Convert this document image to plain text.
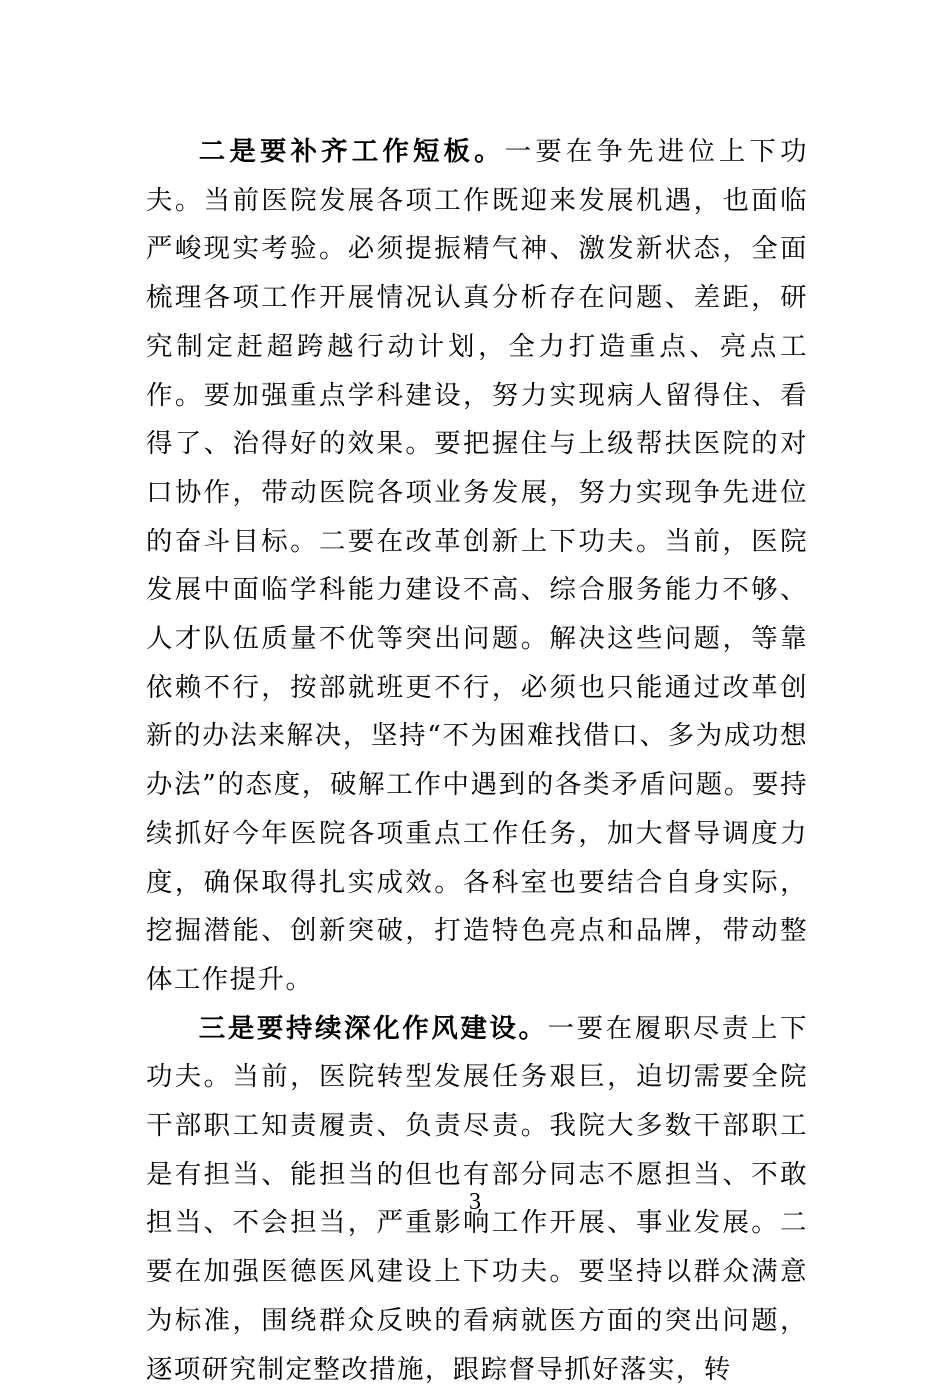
二是要补齐工作短板。一要在争先进位上下功夫。当前医院发展各项工作既迎来发展机遇，也面临严峻现实考验。必须提振精气神、激发新状态，全面梳理各项工作开展情况认真分析存在问题、差距，研究制定赶超跨越行动计划，全力打造重点、亮点工作。要加强重点学科建设，努力实现病人留得住、看得了、治得好的效果。要把握住与上级帮扶医院的对口协作，带动医院各项业务发展，努力实现争先进位的奋斗目标。二要在改革创新上下功夫。当前，医院发展中面临学科能力建设不高、综合服务能力不够、人才队伍质量不优等突出问题。解决这些问题，等靠依赖不行，按部就班更不行，必须也只能通过改革创新的办法来解决，坚持“不为困难找借口、多为成功想办法”的态度，破解工作中遇到的各类矛盾问题。要持续抓好今年医院各项重点工作任务，加大督导调度力度，确保取得扎实成效。各科室也要结合自身实际，挖掘潜能、创新突破，打造特色亮点和品牌，带动整体工作提升。

三是要持续深化作风建设。一要在履职尽责上下功夫。当前，医院转型发展任务艰巨，迫切需要全院干部职工知责履责、负责尽责。我院大多数干部职工是有担当、能担当的但也有部分同志不愿担当、不敢担当、不会担当，严重影响工作开展、事业发展。二要在加强医德医风建设上下功夫。要坚持以群众满意为标准，围绕群众反映的看病就医方面的突出问题，逐项研究制定整改措施，跟踪督导抓好落实，转

3
